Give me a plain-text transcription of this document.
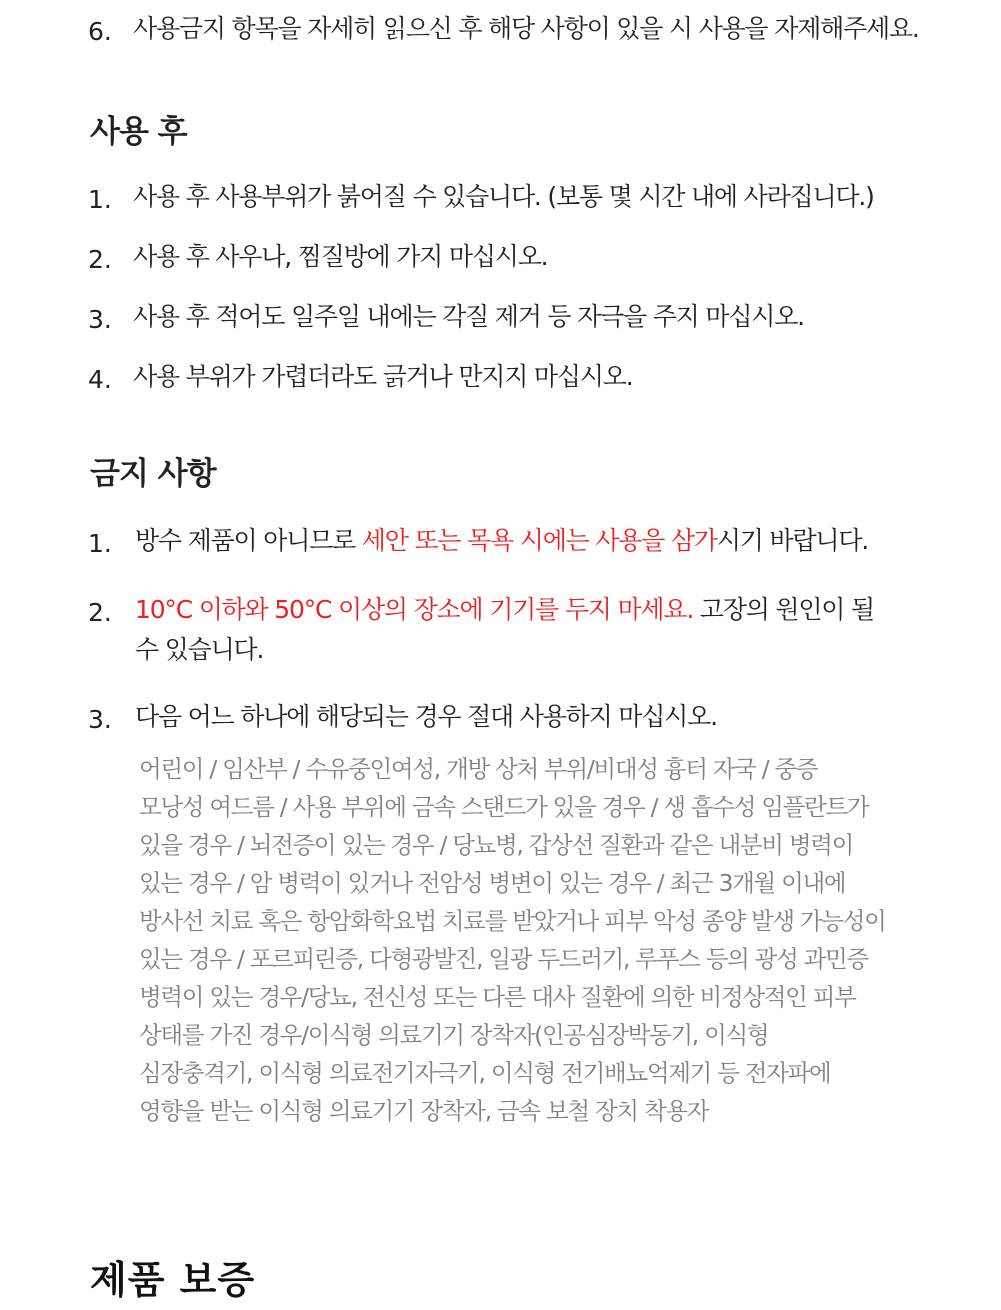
6. 사용금지 항목을 자세히 읽으신 후 해당 사항이 있을 시 사용을 자제해주세요.
사용 후
1. 사용 후 사용부위가 붉어질 수 있습니다. (보통 몇 시간 내에 사라집니다.)
2. 사용 후 사우나, 찜질방에 가지 마십시오.
3. 사용 후 적어도 일주일 내에는 각질 제거 등 자극을 주지 마십시오.
4. 사용 부위가 가렵더라도 긁거나 만지지 마십시오.
금지 사항
1. 방수 제품이 아니므로 세안 또는 목욕 시에는 사용을 삼가시기 바랍니다.
2. 10°C 이하와 50°C 이상의 장소에 기기를 두지 마세요. 고장의 원인이 될
수 있습니다.
3. 다음 어느 하나에 해당되는 경우 절대 사용하지 마십시오.
어린이 / 임산부 / 수유중인여성, 개방 상처 부위/비대성 흉터 자국 / 중증
모낭성 여드름 / 사용 부위에 금속 스탠드가 있을 경우 / 생 흡수성 임플란트가
있을 경우 / 뇌전증이 있는 경우 / 당뇨병, 갑상선 질환과 같은 내분비 병력이
있는 경우 / 암 병력이 있거나 전암성 병변이 있는 경우 / 최근 3개월 이내에
방사선 치료 혹은 항암화학요법 치료를 받았거나 피부 악성 종양 발생 가능성이
있는 경우 / 포르피린증, 다형광발진, 일광 두드러기, 루푸스 등의 광성 과민증
병력이 있는 경우/당뇨, 전신성 또는 다른 대사 질환에 의한 비정상적인 피부
상태를 가진 경우/이식형 의료기기 장착자(인공심장박동기, 이식형
심장충격기, 이식형 의료전기자극기, 이식형 전기배뇨억제기 등 전자파에
영향을 받는 이식형 의료기기 장착자, 금속 보철 장치 착용자
제품 보증
